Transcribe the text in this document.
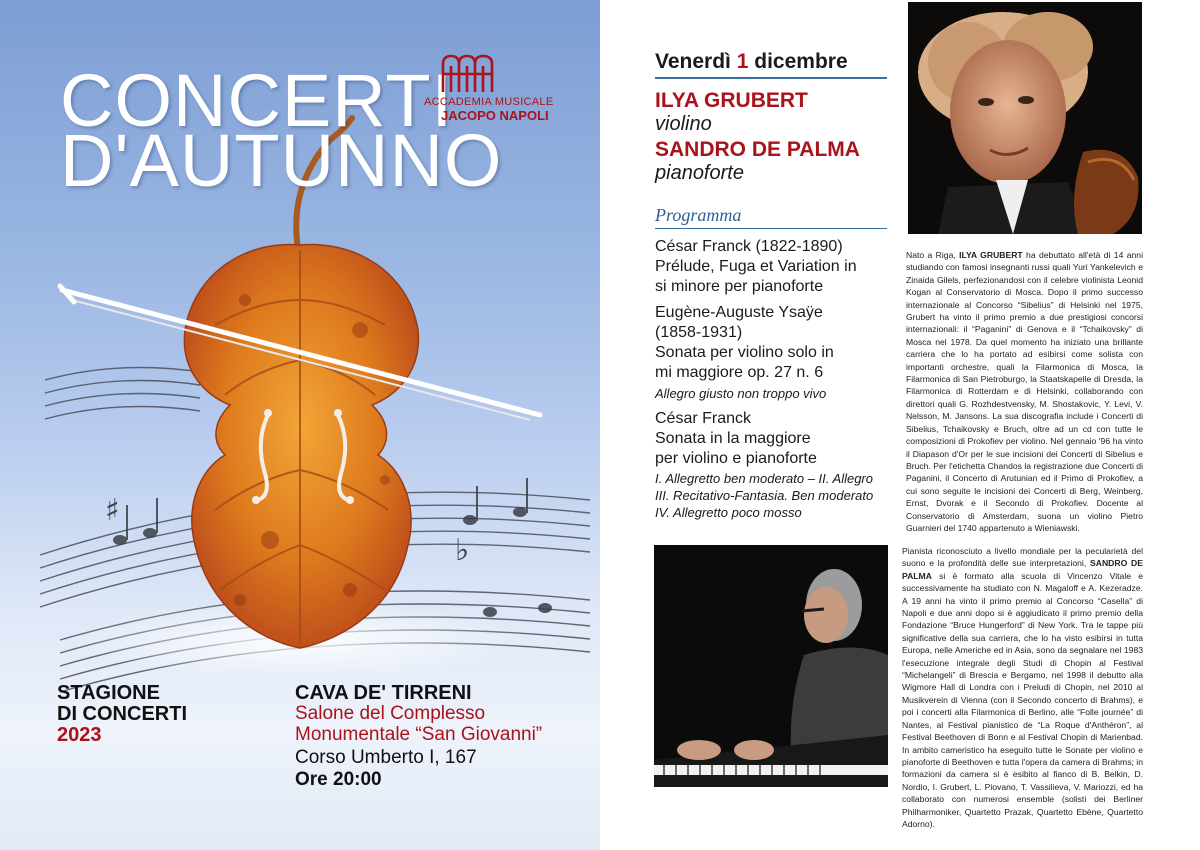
♯
♭
CONCERTI
D'AUTUNNO
ACCADEMIA MUSICALE
JACOPO NAPOLI
STAGIONE
DI CONCERTI
2023
CAVA DE' TIRRENI
Salone del Complesso
Monumentale “San Giovanni”
Corso Umberto I, 167
Ore 20:00
Venerdì 1 dicembre
ILYA GRUBERT
violino
SANDRO DE PALMA
pianoforte
Programma
César Franck (1822-1890)
Prélude, Fuga et Variation in
si minore per pianoforte
Eugène-Auguste Ysaÿe
(1858-1931)
Sonata per violino solo in
mi maggiore op. 27 n. 6
Allegro giusto non troppo vivo
César Franck
Sonata in la maggiore
per violino e pianoforte
I. Allegretto ben moderato – II. Allegro
III. Recitativo-Fantasia. Ben moderato
IV. Allegretto poco mosso
Nato a Riga, ILYA GRUBERT ha debuttato all'età di 14 anni studiando con famosi insegnanti russi quali Yuri Yankelevich e Zinaida Gilels, perfezionandosi con il celebre violinista Leonid Kogan al Conservatorio di Mosca. Dopo il primo successo internazionale al Concorso “Sibelius” di Helsinki nel 1975, Grubert ha vinto il primo premio a due prestigiosi concorsi internazionali: il “Paganini” di Genova e il “Tchaikovsky” di Mosca nel 1978. Da quel momento ha iniziato una brillante carriera che lo ha portato ad esibirsi come solista con importanti orchestre, quali la Filarmonica di Mosca, la Filarmonica di San Pietroburgo, la Staatskapelle di Dresda, la Filarmonica di Rotterdam e di Helsinki, collaborando con direttori quali G. Rozhdestvensky, M. Shostakovic, Y. Levi, V. Nelsson, M. Jansons. La sua discografia include i Concerti di Sibelius, Tchaikovsky e Bruch, oltre ad un cd con tutte le composizioni di Prokofiev per violino. Nel gennaio '96 ha vinto il Diapason d'Or per le sue incisioni dei Concerti di Sibelius e Bruch. Per l'etichetta Chandos la registrazione due Concerti di Paganini, il Concerto di Arutunian ed il Primo di Prokofiev, a cui sono seguite le incisioni dei Concerti di Berg, Weinberg, Ernst, Dvorak e il Secondo di Prokofiev. Docente al Conservatorio di Amsterdam, suona un violino Pietro Guarnieri del 1740 appartenuto a Wieniawski.
Pianista riconosciuto a livello mondiale per la pecularietà del suono e la profondità delle sue interpretazioni, SANDRO DE PALMA si è formato alla scuola di Vincenzo Vitale e successivamente ha studiato con N. Magaloff e A. Kezeradze. A 19 anni ha vinto il primo premio al Concorso “Casella” di Napoli e due anni dopo si è aggiudicato il primo premio della Fondazione “Bruce Hungerford” di New York. Tra le tappe più significative della sua carriera, che lo ha visto esibirsi in tutta Europa, nelle Americhe ed in Asia, sono da segnalare nel 1983 l'esecuzione integrale degli Studi di Chopin al Festival “Michelangeli” di Brescia e Bergamo, nel 1998 il debutto alla Wigmore Hall di Londra con i Preludi di Chopin, nel 2010 al Musikverein di Vienna (con il Secondo concerto di Brahms), e poi i concerti alla Filarmonica di Berlino, alle “Folle journée” di Nantes, al Festival pianistico de “La Roque d'Anthéron”, al Festival Beethoven di Bonn e al Festival Chopin di Marienbad. In ambito cameristico ha eseguito tutte le Sonate per violino e pianoforte di Beethoven e tutta l'opera da camera di Brahms; in formazioni da camera si è esibito al fianco di B. Belkin, D. Nordio, I. Grubert, L. Piovano, T. Vassilieva, V. Mariozzi, ed ha collaborato con numerosi ensemble (solisti dei Berliner Philharmoniker, Quartetto Prazak, Quartetto Ebène, Quartetto Adorno).
